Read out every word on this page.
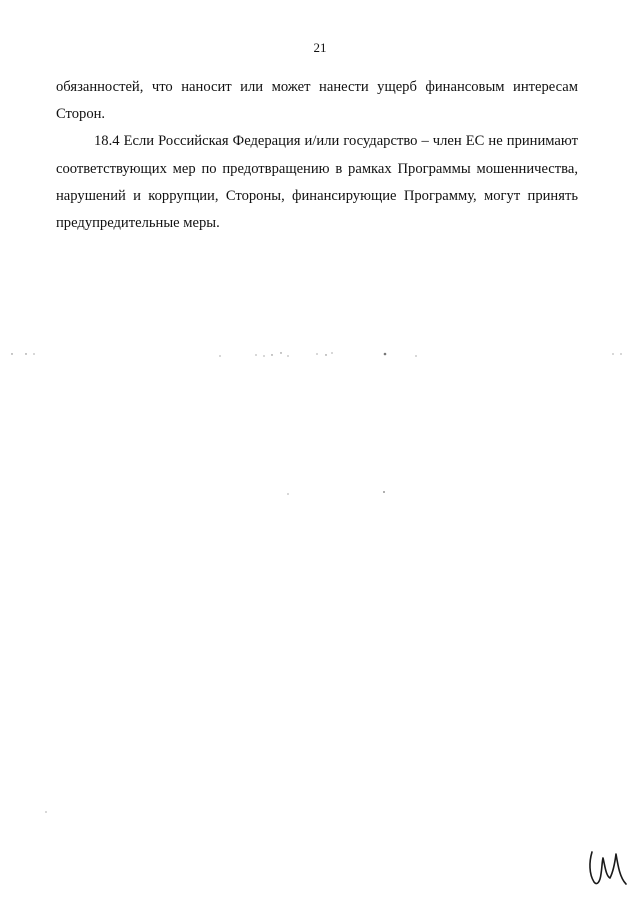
21

обязанностей, что наносит или может нанести ущерб финансовым интересам Сторон.

18.4 Если Российская Федерация и/или государство – член ЕС не принимают соответствующих мер по предотвращению в рамках Программы мошенничества, нарушений и коррупции, Стороны, финансирующие Программу, могут принять предупредительные меры.
